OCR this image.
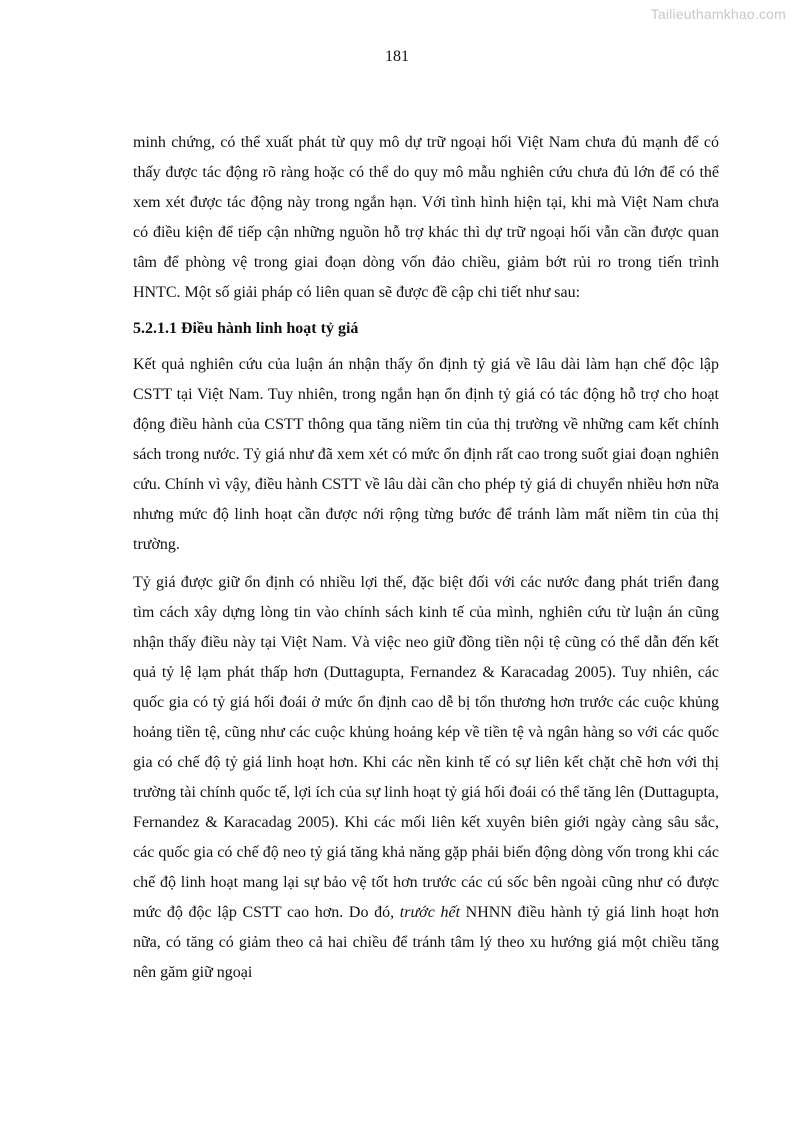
Tailieuthamkhao.com
181

minh chứng, có thể xuất phát từ quy mô dự trữ ngoại hối Việt Nam chưa đủ mạnh để có thấy được tác động rõ ràng hoặc có thể do quy mô mẫu nghiên cứu chưa đủ lớn để có thể xem xét được tác động này trong ngắn hạn. Với tình hình hiện tại, khi mà Việt Nam chưa có điều kiện để tiếp cận những nguồn hỗ trợ khác thì dự trữ ngoại hối vẫn cần được quan tâm để phòng vệ trong giai đoạn dòng vốn đảo chiều, giảm bớt rủi ro trong tiến trình HNTC. Một số giải pháp có liên quan sẽ được đề cập chi tiết như sau:

5.2.1.1 Điều hành linh hoạt tỷ giá

Kết quả nghiên cứu của luận án nhận thấy ổn định tỷ giá về lâu dài làm hạn chế độc lập CSTT tại Việt Nam. Tuy nhiên, trong ngắn hạn ổn định tỷ giá có tác động hỗ trợ cho hoạt động điều hành của CSTT thông qua tăng niềm tin của thị trường về những cam kết chính sách trong nước. Tỷ giá như đã xem xét có mức ổn định rất cao trong suốt giai đoạn nghiên cứu. Chính vì vậy, điều hành CSTT về lâu dài cần cho phép tỷ giá di chuyển nhiều hơn nữa nhưng mức độ linh hoạt cần được nới rộng từng bước để tránh làm mất niềm tin của thị trường.

Tỷ giá được giữ ổn định có nhiều lợi thế, đặc biệt đối với các nước đang phát triển đang tìm cách xây dựng lòng tin vào chính sách kinh tế của mình, nghiên cứu từ luận án cũng nhận thấy điều này tại Việt Nam. Và việc neo giữ đồng tiền nội tệ cũng có thể dẫn đến kết quả tỷ lệ lạm phát thấp hơn (Duttagupta, Fernandez & Karacadag 2005). Tuy nhiên, các quốc gia có tỷ giá hối đoái ở mức ổn định cao dễ bị tổn thương hơn trước các cuộc khủng hoảng tiền tệ, cũng như các cuộc khủng hoảng kép về tiền tệ và ngân hàng so với các quốc gia có chế độ tỷ giá linh hoạt hơn. Khi các nền kinh tế có sự liên kết chặt chẽ hơn với thị trường tài chính quốc tế, lợi ích của sự linh hoạt tỷ giá hối đoái có thể tăng lên (Duttagupta, Fernandez & Karacadag 2005). Khi các mối liên kết xuyên biên giới ngày càng sâu sắc, các quốc gia có chế độ neo tỷ giá tăng khả năng gặp phải biến động dòng vốn trong khi các chế độ linh hoạt mang lại sự bảo vệ tốt hơn trước các cú sốc bên ngoài cũng như có được mức độ độc lập CSTT cao hơn. Do đó, trước hết NHNN điều hành tỷ giá linh hoạt hơn nữa, có tăng có giảm theo cả hai chiều để tránh tâm lý theo xu hướng giá một chiều tăng nên găm giữ ngoại
